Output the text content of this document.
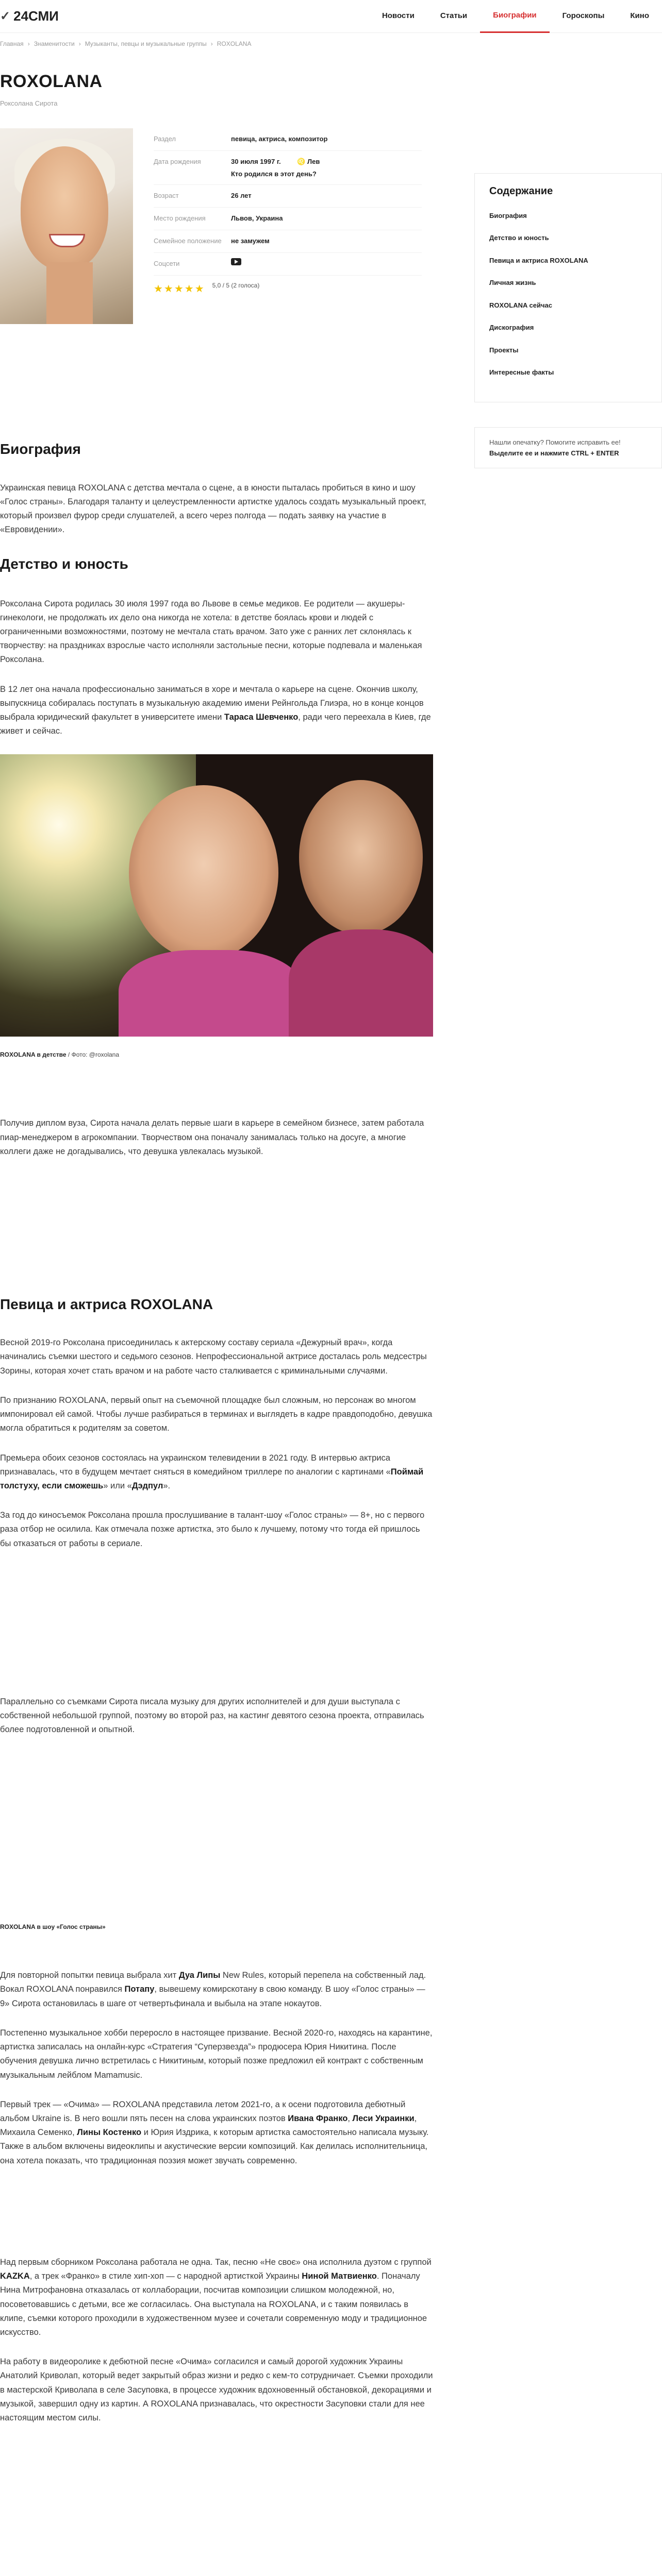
✓ 24СМИ	Новости	Статьи	Биографии	Гороскопы	Кино
Главная › Знаменитости › Музыканты, певцы и музыкальные группы › ROXOLANA
ROXOLANA
Роксолана Сирота
Раздел	певица, актриса, композитор
Дата рождения	30 июля 1997 г. ♌ Лев
Кто родился в этот день?
Возраст	26 лет
Место рождения	Львов, Украина
Семейное положение	не замужем
Соцсети
★★★★★ 5,0 / 5 (2 голоса)
Содержание
Биография
Детство и юность
Певица и актриса ROXOLANA
Личная жизнь
ROXOLANA сейчас
Дискография
Проекты
Интересные факты
Нашли опечатку? Помогите исправить ее!
Выделите ее и нажмите CTRL + ENTER
Биография

Украинская певица ROXOLANA с детства мечтала о сцене, а в юности пыталась пробиться в кино и шоу «Голос страны». Благодаря таланту и целеустремленности артистке удалось создать музыкальный проект, который произвел фурор среди слушателей, а всего через полгода — подать заявку на участие в «Евровидении».

Детство и юность

Роксолана Сирота родилась 30 июля 1997 года во Львове в семье медиков. Ее родители — акушеры-гинекологи, не продолжать их дело она никогда не хотела: в детстве боялась крови и людей с ограниченными возможностями, поэтому не мечтала стать врачом. Зато уже с ранних лет склонялась к творчеству: на праздниках взрослые часто исполняли застольные песни, которые подпевала и маленькая Роксолана.

В 12 лет она начала профессионально заниматься в хоре и мечтала о карьере на сцене. Окончив школу, выпускница собиралась поступать в музыкальную академию имени Рейнгольда Глиэра, но в конце концов выбрала юридический факультет в университете имени Тараса Шевченко, ради чего переехала в Киев, где живет и сейчас.

ROXOLANA в детстве / Фото: @roxolana

Получив диплом вуза, Сирота начала делать первые шаги в карьере в семейном бизнесе, затем работала пиар-менеджером в агрокомпании. Творчеством она поначалу занималась только на досуге, а многие коллеги даже не догадывались, что девушка увлекалась музыкой.

Певица и актриса ROXOLANA

Весной 2019-го Роксолана присоединилась к актерскому составу сериала «Дежурный врач», когда начинались съемки шестого и седьмого сезонов. Непрофессиональной актрисе досталась роль медсестры Зорины, которая хочет стать врачом и на работе часто сталкивается с криминальными случаями.

По признанию ROXOLANA, первый опыт на съемочной площадке был сложным, но персонаж во многом импонировал ей самой. Чтобы лучше разбираться в терминах и выглядеть в кадре правдоподобно, девушка могла обратиться к родителям за советом.

Премьера обоих сезонов состоялась на украинском телевидении в 2021 году. В интервью актриса признавалась, что в будущем мечтает сняться в комедийном триллере по аналогии с картинами «Поймай толстуху, если сможешь» или «Дэдпул».

За год до киносъемок Роксолана прошла прослушивание в талант-шоу «Голос страны» — 8+, но с первого раза отбор не осилила. Как отмечала позже артистка, это было к лучшему, потому что тогда ей пришлось бы отказаться от работы в сериале.

Параллельно со съемками Сирота писала музыку для других исполнителей и для души выступала с собственной небольшой группой, поэтому во второй раз, на кастинг девятого сезона проекта, отправилась более подготовленной и опытной.

ROXOLANA в шоу «Голос страны»

Для повторной попытки певица выбрала хит Дуа Липы New Rules, который перепела на собственный лад. Вокал ROXOLANA понравился Потапу, вывешему комирскотану в свою команду. В шоу «Голос страны» — 9» Сирота остановилась в шаге от четвертьфинала и выбыла на этапе нокаутов.

Постепенно музыкальное хобби переросло в настоящее призвание. Весной 2020-го, находясь на карантине, артистка записалась на онлайн-курс «Стратегия “Суперзвезда”» продюсера Юрия Никитина. После обучения девушка лично встретилась с Никитиным, который позже предложил ей контракт с собственным музыкальным лейблом Mamamusic.

Первый трек — «Очима» — ROXOLANA представила летом 2021-го, а к осени подготовила дебютный альбом Ukraine is. В него вошли пять песен на слова украинских поэтов Ивана Франко, Леси Украинки, Михаила Семенко, Лины Костенко и Юрия Издрика, к которым артистка самостоятельно написала музыку. Также в альбом включены видеоклипы и акустические версии композиций. Как делилась исполнительница, она хотела показать, что традиционная поэзия может звучать современно.

Над первым сборником Роксолана работала не одна. Так, песню «Не своє» она исполнила дуэтом с группой KAZKA, а трек «Франко» в стиле хип-хоп — с народной артисткой Украины Ниной Матвиенко. Поначалу Нина Митрофановна отказалась от коллаборации, посчитав композиции слишком молодежной, но, посоветовавшись с детьми, все же согласилась. Она выступала на ROXOLANA, и с таким появилась в клипе, съемки которого проходили в художественном музее и сочетали современную моду и традиционное искусство.

На работу в видеоролике к дебютной песне «Очима» согласился и самый дорогой художник Украины Анатолий Криволап, который ведет закрытый образ жизни и редко с кем-то сотрудничает. Съемки проходили в мастерской Криволапа в селе Засуповка, в процессе художник вдохновенный обстановкой, декорациями и музыкой, завершил одну из картин. А ROXOLANA признавалась, что окрестности Засуповки стали для нее настоящим местом силы.
